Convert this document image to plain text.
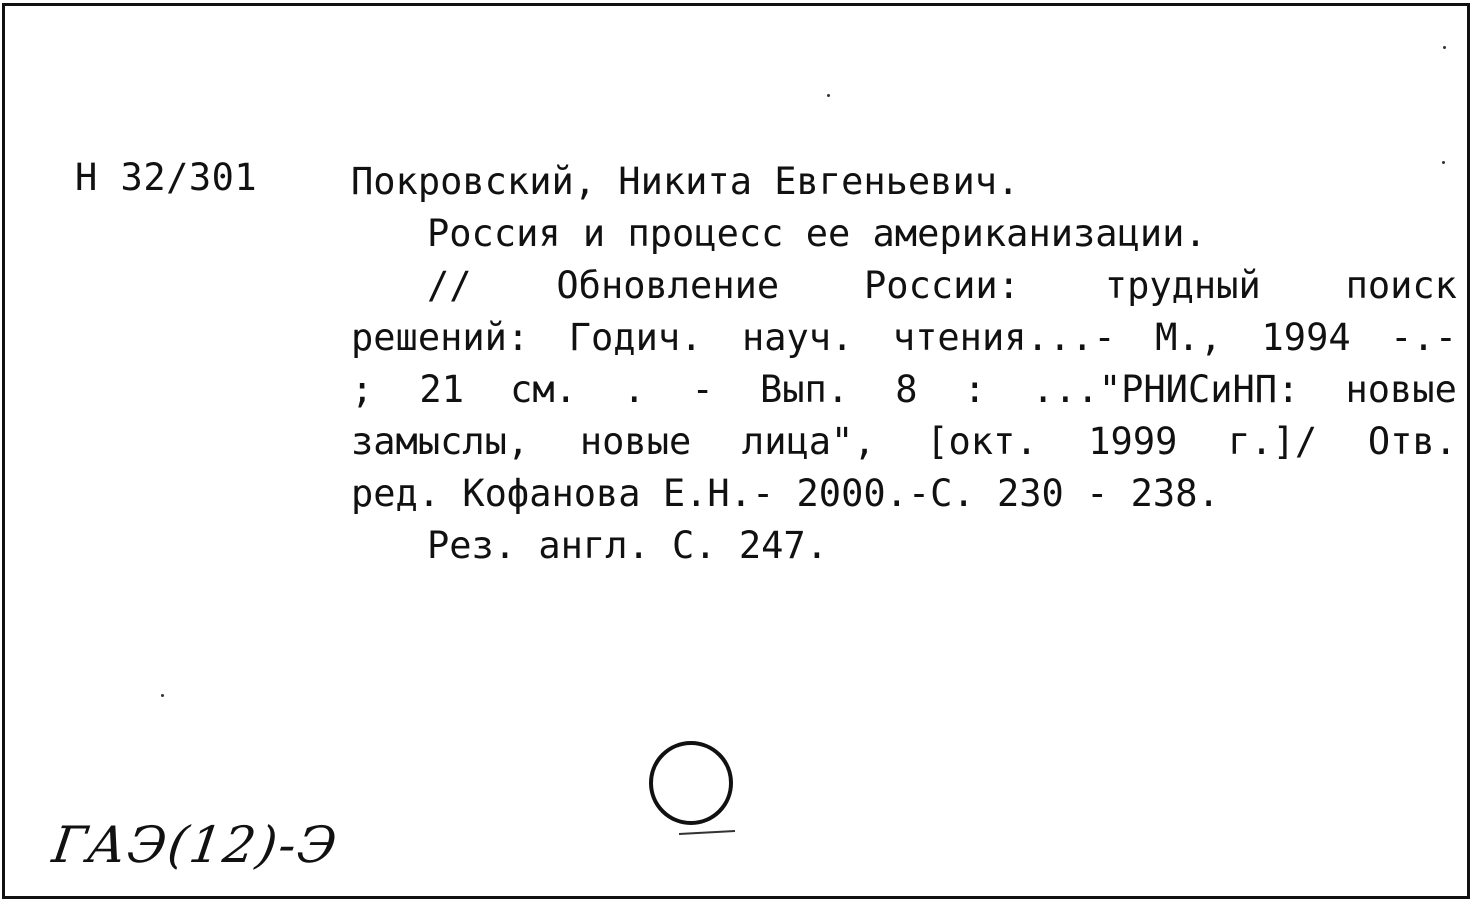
Н 32/301	Покровский, Никита Евгеньевич.
Россия и процесс ее американизации.
// Обновление России: трудный поиск
решений: Годич. науч. чтения...- М., 1994 -.-
; 21 см. . - Вып. 8 : ..."РНИСиНП: новые
замыслы, новые лица", [окт. 1999 г.]/ Отв.
ред. Кофанова Е.Н.- 2000.-С. 230 - 238.
Рез. англ. С. 247.
ГАЭ(12)-Э
